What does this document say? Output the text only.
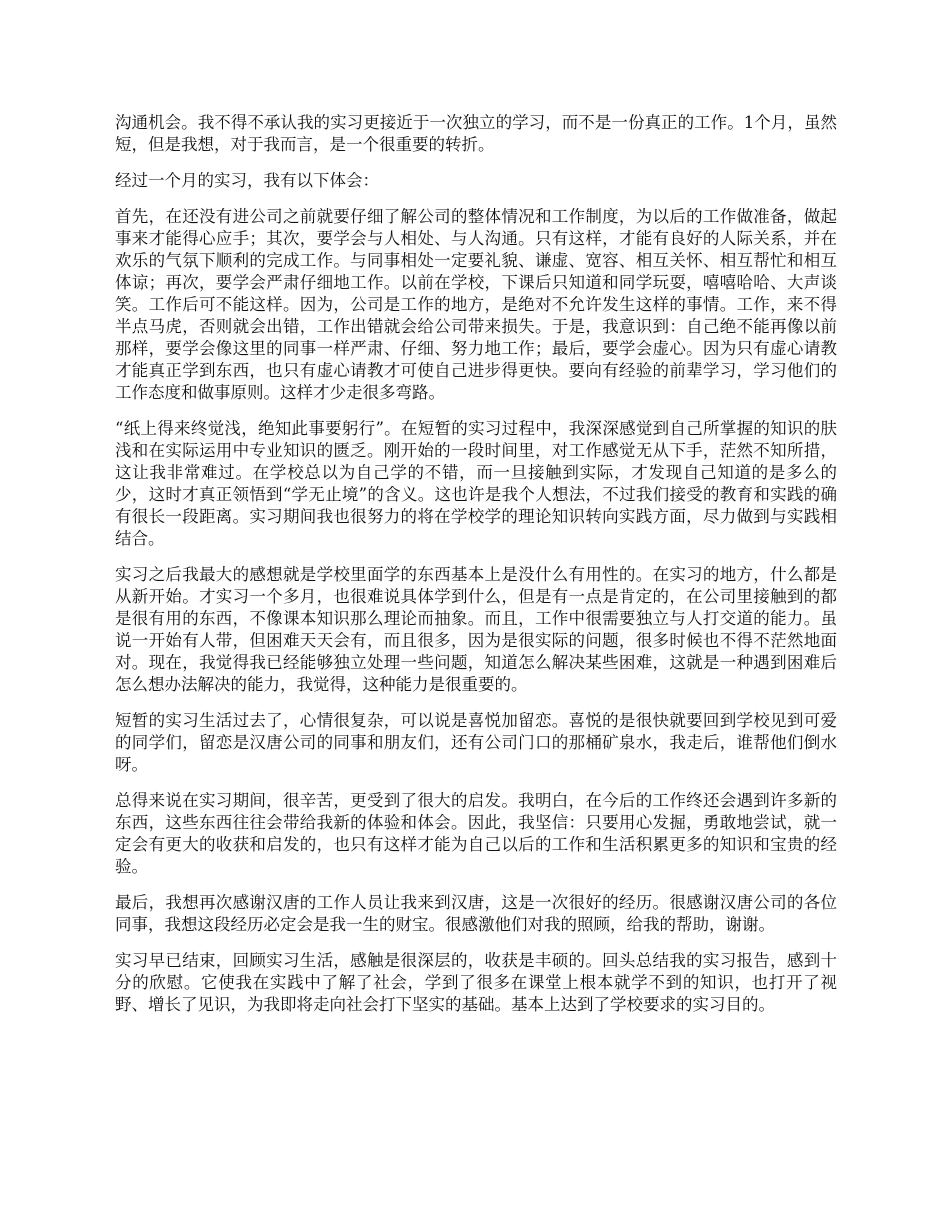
沟通机会。我不得不承认我的实习更接近于一次独立的学习，而不是一份真正的工作。1个月，虽然短，但是我想，对于我而言，是一个很重要的转折。

经过一个月的实习，我有以下体会：

首先，在还没有进公司之前就要仔细了解公司的整体情况和工作制度，为以后的工作做准备，做起事来才能得心应手；其次，要学会与人相处、与人沟通。只有这样，才能有良好的人际关系，并在欢乐的气氛下顺利的完成工作。与同事相处一定要礼貌、谦虚、宽容、相互关怀、相互帮忙和相互体谅；再次，要学会严肃仔细地工作。以前在学校，下课后只知道和同学玩耍，嘻嘻哈哈、大声谈笑。工作后可不能这样。因为，公司是工作的地方，是绝对不允许发生这样的事情。工作，来不得半点马虎，否则就会出错，工作出错就会给公司带来损失。于是，我意识到：自己绝不能再像以前那样，要学会像这里的同事一样严肃、仔细、努力地工作；最后，要学会虚心。因为只有虚心请教才能真正学到东西，也只有虚心请教才可使自己进步得更快。要向有经验的前辈学习，学习他们的工作态度和做事原则。这样才少走很多弯路。

“纸上得来终觉浅，绝知此事要躬行”。在短暂的实习过程中，我深深感觉到自己所掌握的知识的肤浅和在实际运用中专业知识的匮乏。刚开始的一段时间里，对工作感觉无从下手，茫然不知所措，这让我非常难过。在学校总以为自己学的不错，而一旦接触到实际，才发现自己知道的是多么的少，这时才真正领悟到“学无止境”的含义。这也许是我个人想法，不过我们接受的教育和实践的确有很长一段距离。实习期间我也很努力的将在学校学的理论知识转向实践方面，尽力做到与实践相结合。

实习之后我最大的感想就是学校里面学的东西基本上是没什么有用性的。在实习的地方，什么都是从新开始。才实习一个多月，也很难说具体学到什么，但是有一点是肯定的，在公司里接触到的都是很有用的东西，不像课本知识那么理论而抽象。而且，工作中很需要独立与人打交道的能力。虽说一开始有人带，但困难天天会有，而且很多，因为是很实际的问题，很多时候也不得不茫然地面对。现在，我觉得我已经能够独立处理一些问题，知道怎么解决某些困难，这就是一种遇到困难后怎么想办法解决的能力，我觉得，这种能力是很重要的。

短暂的实习生活过去了，心情很复杂，可以说是喜悦加留恋。喜悦的是很快就要回到学校见到可爱的同学们，留恋是汉唐公司的同事和朋友们，还有公司门口的那桶矿泉水，我走后，谁帮他们倒水呀。

总得来说在实习期间，很辛苦，更受到了很大的启发。我明白，在今后的工作终还会遇到许多新的东西，这些东西往往会带给我新的体验和体会。因此，我坚信：只要用心发掘，勇敢地尝试，就一定会有更大的收获和启发的，也只有这样才能为自己以后的工作和生活积累更多的知识和宝贵的经验。

最后，我想再次感谢汉唐的工作人员让我来到汉唐，这是一次很好的经历。很感谢汉唐公司的各位同事，我想这段经历必定会是我一生的财宝。很感激他们对我的照顾，给我的帮助，谢谢。

实习早已结束，回顾实习生活，感触是很深层的，收获是丰硕的。回头总结我的实习报告，感到十分的欣慰。它使我在实践中了解了社会，学到了很多在课堂上根本就学不到的知识，也打开了视野、增长了见识，为我即将走向社会打下坚实的基础。基本上达到了学校要求的实习目的。
